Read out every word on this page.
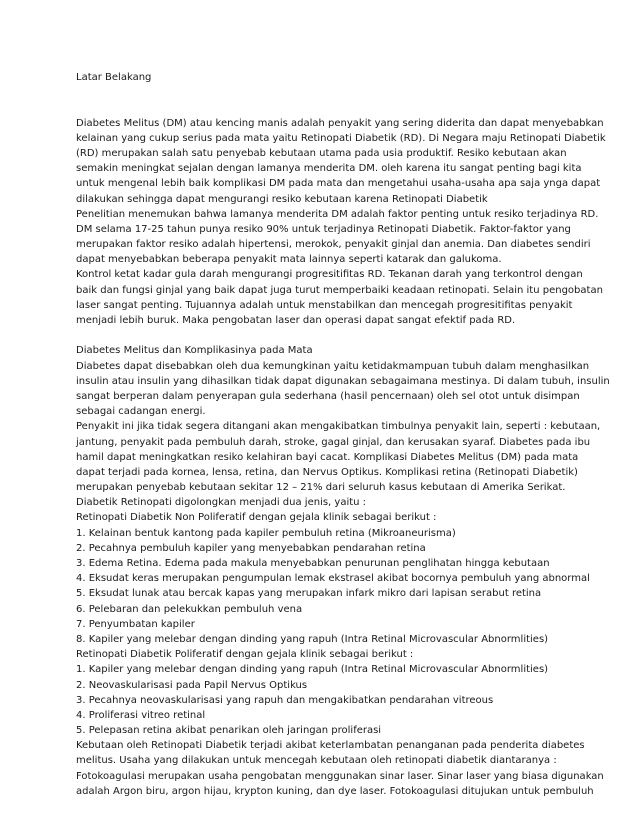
Latar Belakang
Diabetes Melitus (DM) atau kencing manis adalah penyakit yang sering diderita dan dapat menyebabkan
kelainan yang cukup serius pada mata yaitu Retinopati Diabetik (RD). Di Negara maju Retinopati Diabetik
(RD) merupakan salah satu penyebab kebutaan utama pada usia produktif. Resiko kebutaan akan
semakin meningkat sejalan dengan lamanya menderita DM. oleh karena itu sangat penting bagi kita
untuk mengenal lebih baik komplikasi DM pada mata dan mengetahui usaha-usaha apa saja ynga dapat
dilakukan sehingga dapat mengurangi resiko kebutaan karena Retinopati Diabetik
Penelitian menemukan bahwa lamanya menderita DM adalah faktor penting untuk resiko terjadinya RD.
DM selama 17-25 tahun punya resiko 90% untuk terjadinya Retinopati Diabetik. Faktor-faktor yang
merupakan faktor resiko adalah hipertensi, merokok, penyakit ginjal dan anemia. Dan diabetes sendiri
dapat menyebabkan beberapa penyakit mata lainnya seperti katarak dan galukoma.
Kontrol ketat kadar gula darah mengurangi progresitifitas RD. Tekanan darah yang terkontrol dengan
baik dan fungsi ginjal yang baik dapat juga turut memperbaiki keadaan retinopati. Selain itu pengobatan
laser sangat penting. Tujuannya adalah untuk menstabilkan dan mencegah progresitifitas penyakit
menjadi lebih buruk. Maka pengobatan laser dan operasi dapat sangat efektif pada RD.
Diabetes Melitus dan Komplikasinya pada Mata
Diabetes dapat disebabkan oleh dua kemungkinan yaitu ketidakmampuan tubuh dalam menghasilkan
insulin atau insulin yang dihasilkan tidak dapat digunakan sebagaimana mestinya. Di dalam tubuh, insulin
sangat berperan dalam penyerapan gula sederhana (hasil pencernaan) oleh sel otot untuk disimpan
sebagai cadangan energi.
Penyakit ini jika tidak segera ditangani akan mengakibatkan timbulnya penyakit lain, seperti : kebutaan,
jantung, penyakit pada pembuluh darah, stroke, gagal ginjal, dan kerusakan syaraf. Diabetes pada ibu
hamil dapat meningkatkan resiko kelahiran bayi cacat. Komplikasi Diabetes Melitus (DM) pada mata
dapat terjadi pada kornea, lensa, retina, dan Nervus Optikus. Komplikasi retina (Retinopati Diabetik)
merupakan penyebab kebutaan sekitar 12 – 21% dari seluruh kasus kebutaan di Amerika Serikat.
Diabetik Retinopati digolongkan menjadi dua jenis, yaitu :
Retinopati Diabetik Non Poliferatif dengan gejala klinik sebagai berikut :
1. Kelainan bentuk kantong pada kapiler pembuluh retina (Mikroaneurisma)
2. Pecahnya pembuluh kapiler yang menyebabkan pendarahan retina
3. Edema Retina. Edema pada makula menyebabkan penurunan penglihatan hingga kebutaan
4. Eksudat keras merupakan pengumpulan lemak ekstrasel akibat bocornya pembuluh yang abnormal
5. Eksudat lunak atau bercak kapas yang merupakan infark mikro dari lapisan serabut retina
6. Pelebaran dan pelekukkan pembuluh vena
7. Penyumbatan kapiler
8. Kapiler yang melebar dengan dinding yang rapuh (Intra Retinal Microvascular Abnormlities)
Retinopati Diabetik Poliferatif dengan gejala klinik sebagai berikut :
1. Kapiler yang melebar dengan dinding yang rapuh (Intra Retinal Microvascular Abnormlities)
2. Neovaskularisasi pada Papil Nervus Optikus
3. Pecahnya neovaskularisasi yang rapuh dan mengakibatkan pendarahan vitreous
4. Proliferasi vitreo retinal
5. Pelepasan retina akibat penarikan oleh jaringan proliferasi
Kebutaan oleh Retinopati Diabetik terjadi akibat keterlambatan penanganan pada penderita diabetes
melitus. Usaha yang dilakukan untuk mencegah kebutaan oleh retinopati diabetik diantaranya :
Fotokoagulasi merupakan usaha pengobatan menggunakan sinar laser. Sinar laser yang biasa digunakan
adalah Argon biru, argon hijau, krypton kuning, dan dye laser. Fotokoagulasi ditujukan untuk pembuluh
